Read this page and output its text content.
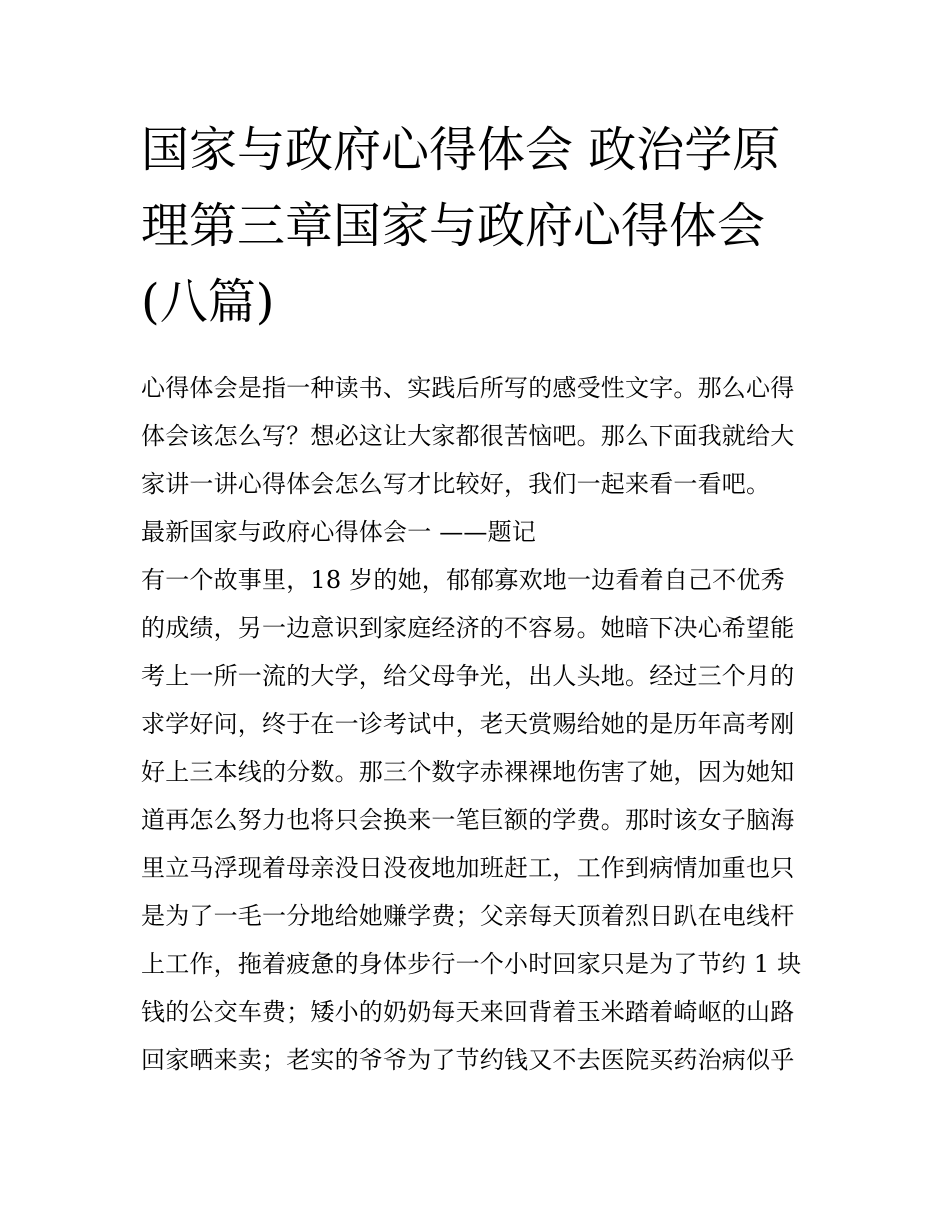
国家与政府心得体会 政治学原
理第三章国家与政府心得体会
(八篇)
心得体会是指一种读书、实践后所写的感受性文字。那么心得
体会该怎么写？想必这让大家都很苦恼吧。那么下面我就给大
家讲一讲心得体会怎么写才比较好，我们一起来看一看吧。
最新国家与政府心得体会一 ——题记
有一个故事里，18 岁的她，郁郁寡欢地一边看着自己不优秀
的成绩，另一边意识到家庭经济的不容易。她暗下决心希望能
考上一所一流的大学，给父母争光，出人头地。经过三个月的
求学好问，终于在一诊考试中，老天赏赐给她的是历年高考刚
好上三本线的分数。那三个数字赤裸裸地伤害了她，因为她知
道再怎么努力也将只会换来一笔巨额的学费。那时该女子脑海
里立马浮现着母亲没日没夜地加班赶工，工作到病情加重也只
是为了一毛一分地给她赚学费；父亲每天顶着烈日趴在电线杆
上工作，拖着疲惫的身体步行一个小时回家只是为了节约 1 块
钱的公交车费；矮小的奶奶每天来回背着玉米踏着崎岖的山路
回家晒来卖；老实的爷爷为了节约钱又不去医院买药治病似乎
